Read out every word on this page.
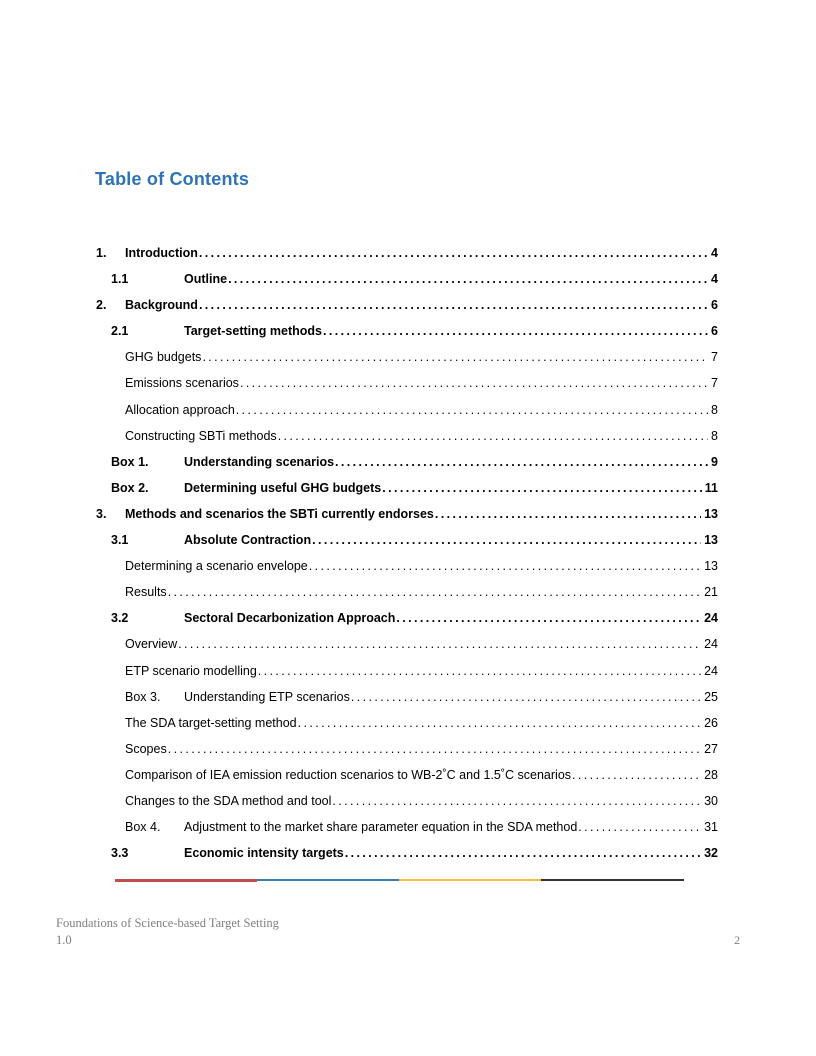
Table of Contents
1.	Introduction .....	4
1.1	Outline .....	4
2.	Background .....	6
2.1	Target-setting methods .....	6
GHG budgets .....	7
Emissions scenarios .....	7
Allocation approach .....	8
Constructing SBTi methods .....	8
Box 1.	Understanding scenarios .....	9
Box 2.	Determining useful GHG budgets .....	11
3.	Methods and scenarios the SBTi currently endorses .....	13
3.1	Absolute Contraction .....	13
Determining a scenario envelope .....	13
Results .....	21
3.2	Sectoral Decarbonization Approach .....	24
Overview .....	24
ETP scenario modelling .....	24
Box 3.	Understanding ETP scenarios .....	25
The SDA target-setting method .....	26
Scopes .....	27
Comparison of IEA emission reduction scenarios to WB-2˚C and 1.5˚C scenarios .....	28
Changes to the SDA method and tool .....	30
Box 4.	Adjustment to the market share parameter equation in the SDA method .....	31
3.3	Economic intensity targets .....	32
Foundations of Science-based Target Setting
1.0	2
